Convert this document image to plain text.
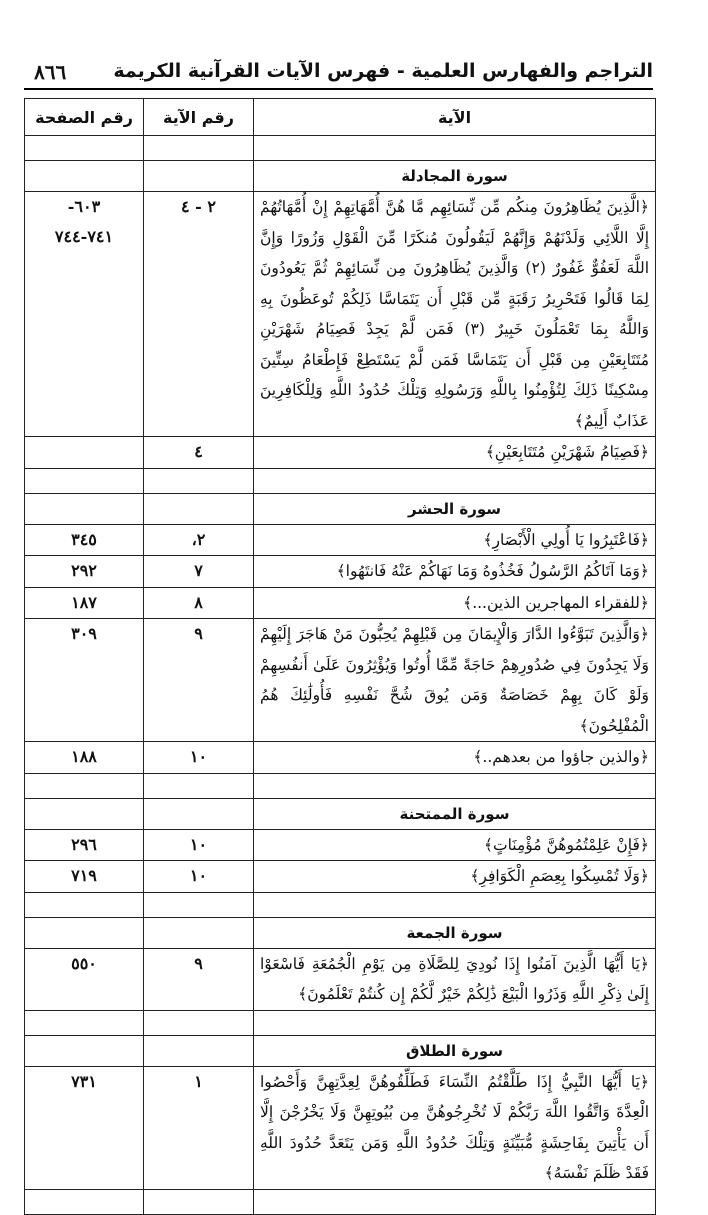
التراجم والفهارس العلمية - فهرس الآيات القرآنية الكريمة
٨٦٦
الآية	رقم الآية	رقم الصفحة

سورة المجادلة		
﴿الَّذِينَ يُظَاهِرُونَ مِنكُم مِّن نِّسَائِهِم مَّا هُنَّ أُمَّهَاتِهِمْ إِنْ أُمَّهَاتُهُمْ إِلَّا اللَّائِي وَلَدْنَهُمْ وَإِنَّهُمْ لَيَقُولُونَ مُنكَرًا مِّنَ الْقَوْلِ وَزُورًا وَإِنَّ اللَّهَ لَعَفُوٌّ غَفُورٌ (٢) وَالَّذِينَ يُظَاهِرُونَ مِن نِّسَائِهِمْ ثُمَّ يَعُودُونَ لِمَا قَالُوا فَتَحْرِيرُ رَقَبَةٍ مِّن قَبْلِ أَن يَتَمَاسَّا ذَلِكُمْ تُوعَظُونَ بِهِ وَاللَّهُ بِمَا تَعْمَلُونَ خَبِيرٌ (٣) فَمَن لَّمْ يَجِدْ فَصِيَامُ شَهْرَيْنِ مُتَتَابِعَيْنِ مِن قَبْلِ أَن يَتَمَاسَّا فَمَن لَّمْ يَسْتَطِعْ فَإِطْعَامُ سِتِّينَ مِسْكِينًا ذَلِكَ لِتُؤْمِنُوا بِاللَّهِ وَرَسُولِهِ وَتِلْكَ حُدُودُ اللَّهِ وَلِلْكَافِرِينَ عَذَابٌ أَلِيمٌ﴾	٢ - ٤	٦٠٣-
٧٤١-٧٤٤

﴿فَصِيَامُ شَهْرَيْنِ مُتَتَابِعَيْنِ﴾	٤	

سورة الحشر		
﴿فَاعْتَبِرُوا يَا أُولِي الْأَبْصَارِ﴾	٢،	٣٤٥

﴿وَمَا آتَاكُمُ الرَّسُولُ فَخُذُوهُ وَمَا نَهَاكُمْ عَنْهُ فَانتَهُوا﴾	٧	٢٩٢

﴿للفقراء المهاجرين الذين...﴾	٨	١٨٧

﴿وَالَّذِينَ تَبَوَّءُوا الدَّارَ وَالْإِيمَانَ مِن قَبْلِهِمْ يُحِبُّونَ مَنْ هَاجَرَ إِلَيْهِمْ وَلَا يَجِدُونَ فِي صُدُورِهِمْ حَاجَةً مِّمَّا أُوتُوا وَيُؤْثِرُونَ عَلَىٰ أَنفُسِهِمْ وَلَوْ كَانَ بِهِمْ خَصَاصَةٌ وَمَن يُوقَ شُحَّ نَفْسِهِ فَأُولَٰئِكَ هُمُ الْمُفْلِحُونَ﴾	٩	٣٠٩

﴿والذين جاؤوا من بعدهم..﴾	١٠	١٨٨

سورة الممتحنة		
﴿فَإِنْ عَلِمْتُمُوهُنَّ مُؤْمِنَاتٍ﴾	١٠	٢٩٦

﴿وَلَا تُمْسِكُوا بِعِصَمِ الْكَوَافِرِ﴾	١٠	٧١٩

سورة الجمعة		
﴿يَا أَيُّهَا الَّذِينَ آمَنُوا إِذَا نُودِيَ لِلصَّلَاةِ مِن يَوْمِ الْجُمُعَةِ فَاسْعَوْا إِلَىٰ ذِكْرِ اللَّهِ وَذَرُوا الْبَيْعَ ذَٰلِكُمْ خَيْرٌ لَّكُمْ إِن كُنتُمْ تَعْلَمُونَ﴾	٩	٥٥٠

سورة الطلاق		
﴿يَا أَيُّهَا النَّبِيُّ إِذَا طَلَّقْتُمُ النِّسَاءَ فَطَلِّقُوهُنَّ لِعِدَّتِهِنَّ وَأَحْصُوا الْعِدَّةَ وَاتَّقُوا اللَّهَ رَبَّكُمْ لَا تُخْرِجُوهُنَّ مِن بُيُوتِهِنَّ وَلَا يَخْرُجْنَ إِلَّا أَن يَأْتِينَ بِفَاحِشَةٍ مُّبَيِّنَةٍ وَتِلْكَ حُدُودُ اللَّهِ وَمَن يَتَعَدَّ حُدُودَ اللَّهِ فَقَدْ ظَلَمَ نَفْسَهُ﴾	١	٧٣١
